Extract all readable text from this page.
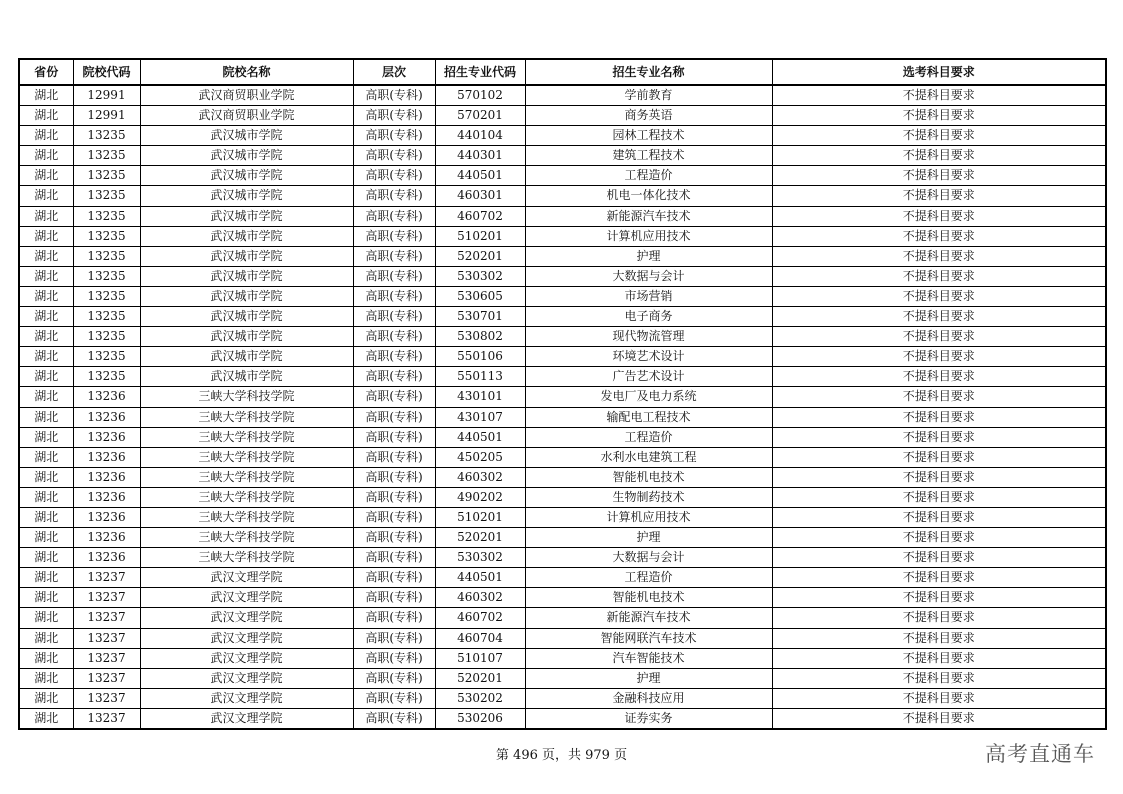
省份	院校代码	院校名称	层次	招生专业代码	招生专业名称	选考科目要求
湖北	12991	武汉商贸职业学院	高职(专科)	570102	学前教育	不提科目要求
湖北	12991	武汉商贸职业学院	高职(专科)	570201	商务英语	不提科目要求
湖北	13235	武汉城市学院	高职(专科)	440104	园林工程技术	不提科目要求
湖北	13235	武汉城市学院	高职(专科)	440301	建筑工程技术	不提科目要求
湖北	13235	武汉城市学院	高职(专科)	440501	工程造价	不提科目要求
湖北	13235	武汉城市学院	高职(专科)	460301	机电一体化技术	不提科目要求
湖北	13235	武汉城市学院	高职(专科)	460702	新能源汽车技术	不提科目要求
湖北	13235	武汉城市学院	高职(专科)	510201	计算机应用技术	不提科目要求
湖北	13235	武汉城市学院	高职(专科)	520201	护理	不提科目要求
湖北	13235	武汉城市学院	高职(专科)	530302	大数据与会计	不提科目要求
湖北	13235	武汉城市学院	高职(专科)	530605	市场营销	不提科目要求
湖北	13235	武汉城市学院	高职(专科)	530701	电子商务	不提科目要求
湖北	13235	武汉城市学院	高职(专科)	530802	现代物流管理	不提科目要求
湖北	13235	武汉城市学院	高职(专科)	550106	环境艺术设计	不提科目要求
湖北	13235	武汉城市学院	高职(专科)	550113	广告艺术设计	不提科目要求
湖北	13236	三峡大学科技学院	高职(专科)	430101	发电厂及电力系统	不提科目要求
湖北	13236	三峡大学科技学院	高职(专科)	430107	输配电工程技术	不提科目要求
湖北	13236	三峡大学科技学院	高职(专科)	440501	工程造价	不提科目要求
湖北	13236	三峡大学科技学院	高职(专科)	450205	水利水电建筑工程	不提科目要求
湖北	13236	三峡大学科技学院	高职(专科)	460302	智能机电技术	不提科目要求
湖北	13236	三峡大学科技学院	高职(专科)	490202	生物制药技术	不提科目要求
湖北	13236	三峡大学科技学院	高职(专科)	510201	计算机应用技术	不提科目要求
湖北	13236	三峡大学科技学院	高职(专科)	520201	护理	不提科目要求
湖北	13236	三峡大学科技学院	高职(专科)	530302	大数据与会计	不提科目要求
湖北	13237	武汉文理学院	高职(专科)	440501	工程造价	不提科目要求
湖北	13237	武汉文理学院	高职(专科)	460302	智能机电技术	不提科目要求
湖北	13237	武汉文理学院	高职(专科)	460702	新能源汽车技术	不提科目要求
湖北	13237	武汉文理学院	高职(专科)	460704	智能网联汽车技术	不提科目要求
湖北	13237	武汉文理学院	高职(专科)	510107	汽车智能技术	不提科目要求
湖北	13237	武汉文理学院	高职(专科)	520201	护理	不提科目要求
湖北	13237	武汉文理学院	高职(专科)	530202	金融科技应用	不提科目要求
湖北	13237	武汉文理学院	高职(专科)	530206	证券实务	不提科目要求
第 496 页，共 979 页	高考直通车
